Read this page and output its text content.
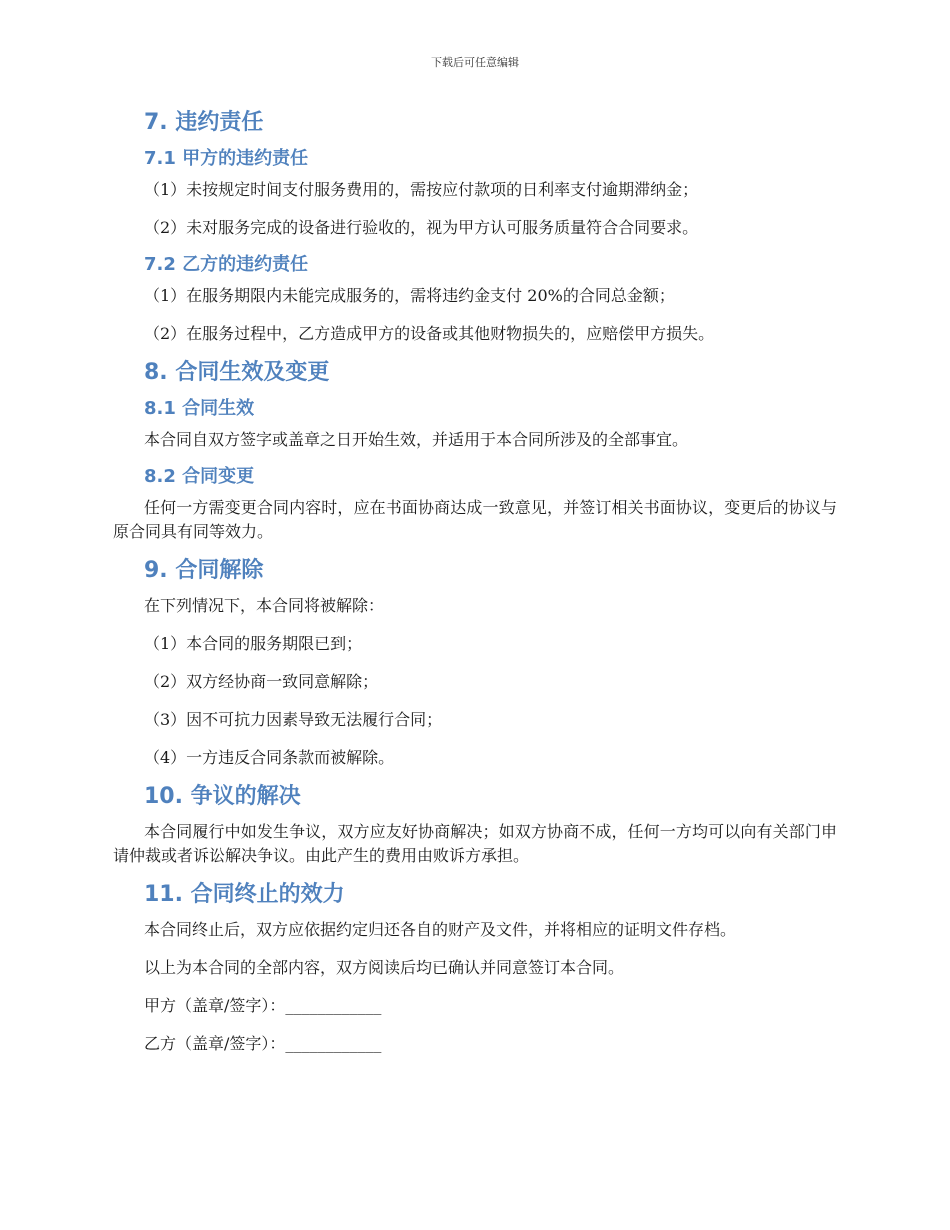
下载后可任意编辑
7. 违约责任
7.1 甲方的违约责任

（1）未按规定时间支付服务费用的，需按应付款项的日利率支付逾期滞纳金；

（2）未对服务完成的设备进行验收的，视为甲方认可服务质量符合合同要求。

7.2 乙方的违约责任

（1）在服务期限内未能完成服务的，需将违约金支付 20%的合同总金额；

（2）在服务过程中，乙方造成甲方的设备或其他财物损失的，应赔偿甲方损失。

8. 合同生效及变更
8.1 合同生效

本合同自双方签字或盖章之日开始生效，并适用于本合同所涉及的全部事宜。

8.2 合同变更

任何一方需变更合同内容时，应在书面协商达成一致意见，并签订相关书面协议，变更后的协议与原合同具有同等效力。

9. 合同解除

在下列情况下，本合同将被解除：

（1）本合同的服务期限已到；

（2）双方经协商一致同意解除；

（3）因不可抗力因素导致无法履行合同；

（4）一方违反合同条款而被解除。

10. 争议的解决

本合同履行中如发生争议，双方应友好协商解决；如双方协商不成，任何一方均可以向有关部门申请仲裁或者诉讼解决争议。由此产生的费用由败诉方承担。

11. 合同终止的效力

本合同终止后，双方应依据约定归还各自的财产及文件，并将相应的证明文件存档。

以上为本合同的全部内容，双方阅读后均已确认并同意签订本合同。

甲方（盖章/签字）：____________

乙方（盖章/签字）：____________
